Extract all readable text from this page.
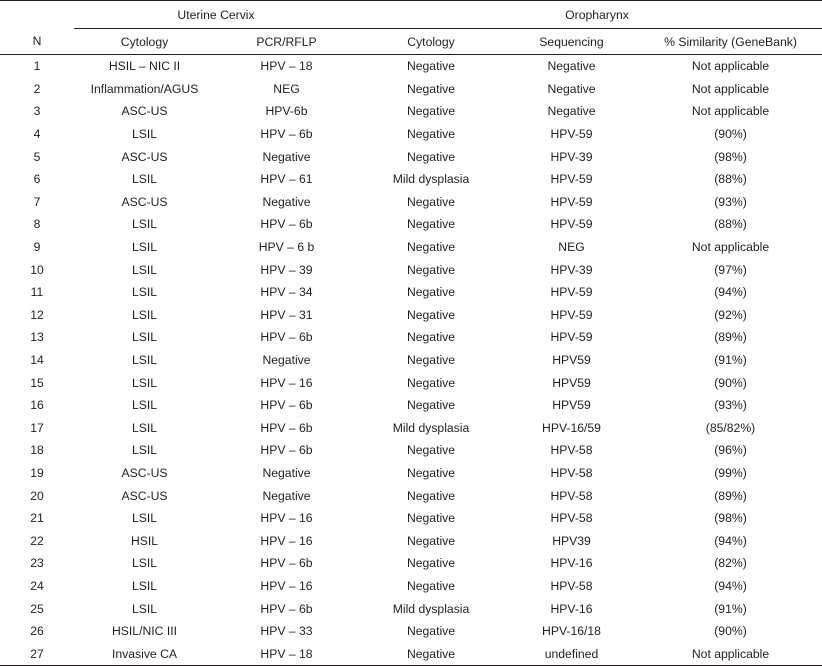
	Uterine Cervix		Oropharynx		
N	Cytology	PCR/RFLP	Cytology	Sequencing	% Similarity (GeneBank)
1	HSIL – NIC II	HPV – 18	Negative	Negative	Not applicable
2	Inflammation/AGUS	NEG	Negative	Negative	Not applicable
3	ASC-US	HPV-6b	Negative	Negative	Not applicable
4	LSIL	HPV – 6b	Negative	HPV-59	(90%)
5	ASC-US	Negative	Negative	HPV-39	(98%)
6	LSIL	HPV – 61	Mild dysplasia	HPV-59	(88%)
7	ASC-US	Negative	Negative	HPV-59	(93%)
8	LSIL	HPV – 6b	Negative	HPV-59	(88%)
9	LSIL	HPV – 6 b	Negative	NEG	Not applicable
10	LSIL	HPV – 39	Negative	HPV-39	(97%)
11	LSIL	HPV – 34	Negative	HPV-59	(94%)
12	LSIL	HPV – 31	Negative	HPV-59	(92%)
13	LSIL	HPV – 6b	Negative	HPV-59	(89%)
14	LSIL	Negative	Negative	HPV59	(91%)
15	LSIL	HPV – 16	Negative	HPV59	(90%)
16	LSIL	HPV – 6b	Negative	HPV59	(93%)
17	LSIL	HPV – 6b	Mild dysplasia	HPV-16/59	(85/82%)
18	LSIL	HPV – 6b	Negative	HPV-58	(96%)
19	ASC-US	Negative	Negative	HPV-58	(99%)
20	ASC-US	Negative	Negative	HPV-58	(89%)
21	LSIL	HPV – 16	Negative	HPV-58	(98%)
22	HSIL	HPV – 16	Negative	HPV39	(94%)
23	LSIL	HPV – 6b	Negative	HPV-16	(82%)
24	LSIL	HPV – 16	Negative	HPV-58	(94%)
25	LSIL	HPV – 6b	Mild dysplasia	HPV-16	(91%)
26	HSIL/NIC III	HPV – 33	Negative	HPV-16/18	(90%)
27	Invasive CA	HPV – 18	Negative	undefined	Not applicable
